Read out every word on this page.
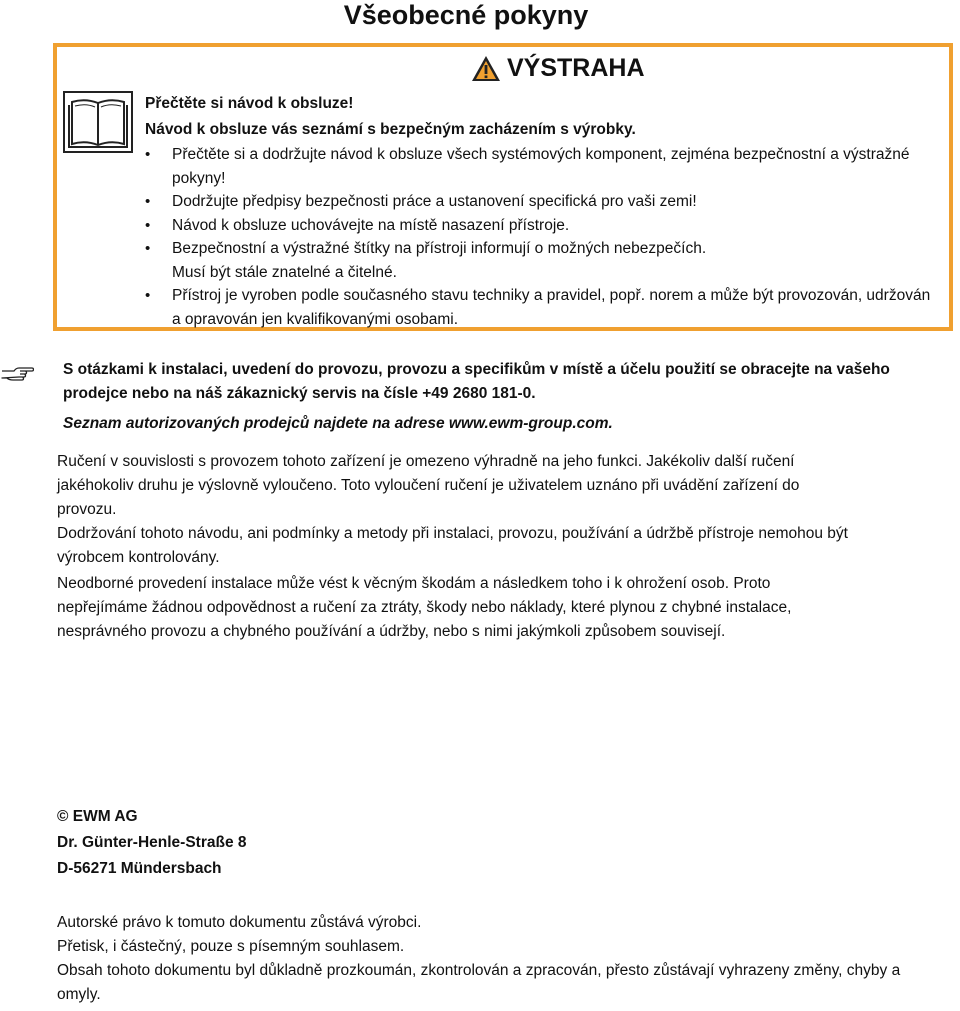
Všeobecné pokyny
VÝSTRAHA
Přečtěte si návod k obsluze!
Návod k obsluze vás seznámí s bezpečným zacházením s výrobky.
• Přečtěte si a dodržujte návod k obsluze všech systémových komponent, zejména bezpečnostní a výstražné

pokyny!

• Dodržujte předpisy bezpečnosti práce a ustanovení specifická pro vaši zemi!

• Návod k obsluze uchovávejte na místě nasazení přístroje.

• Bezpečnostní a výstražné štítky na přístroji informují o možných nebezpečích.

Musí být stále znatelné a čitelné.

• Přístroj je vyroben podle současného stavu techniky a pravidel, popř. norem a může být provozován, udržován

a opravován jen kvalifikovanými osobami.

S otázkami k instalaci, uvedení do provozu, provozu a specifikům v místě a účelu použití se obracejte na vašeho

prodejce nebo na náš zákaznický servis na čísle +49 2680 181-0.

Seznam autorizovaných prodejců najdete na adrese www.ewm-group.com.

Ručení v souvislosti s provozem tohoto zařízení je omezeno výhradně na jeho funkci. Jakékoliv další ručení

jakéhokoliv druhu je výslovně vyloučeno. Toto vyloučení ručení je uživatelem uznáno při uvádění zařízení do

provozu.

Dodržování tohoto návodu, ani podmínky a metody při instalaci, provozu, používání a údržbě přístroje nemohou být

výrobcem kontrolovány.

Neodborné provedení instalace může vést k věcným škodám a následkem toho i k ohrožení osob. Proto

nepřejímáme žádnou odpovědnost a ručení za ztráty, škody nebo náklady, které plynou z chybné instalace,

nesprávného provozu a chybného používání a údržby, nebo s nimi jakýmkoli způsobem souvisejí.

© EWM AG
Dr. Günter-Henle-Straße 8
D-56271 Mündersbach

Autorské právo k tomuto dokumentu zůstává výrobci.

Přetisk, i částečný, pouze s písemným souhlasem.

Obsah tohoto dokumentu byl důkladně prozkoumán, zkontrolován a zpracován, přesto zůstávají vyhrazeny změny, chyby a

omyly.
